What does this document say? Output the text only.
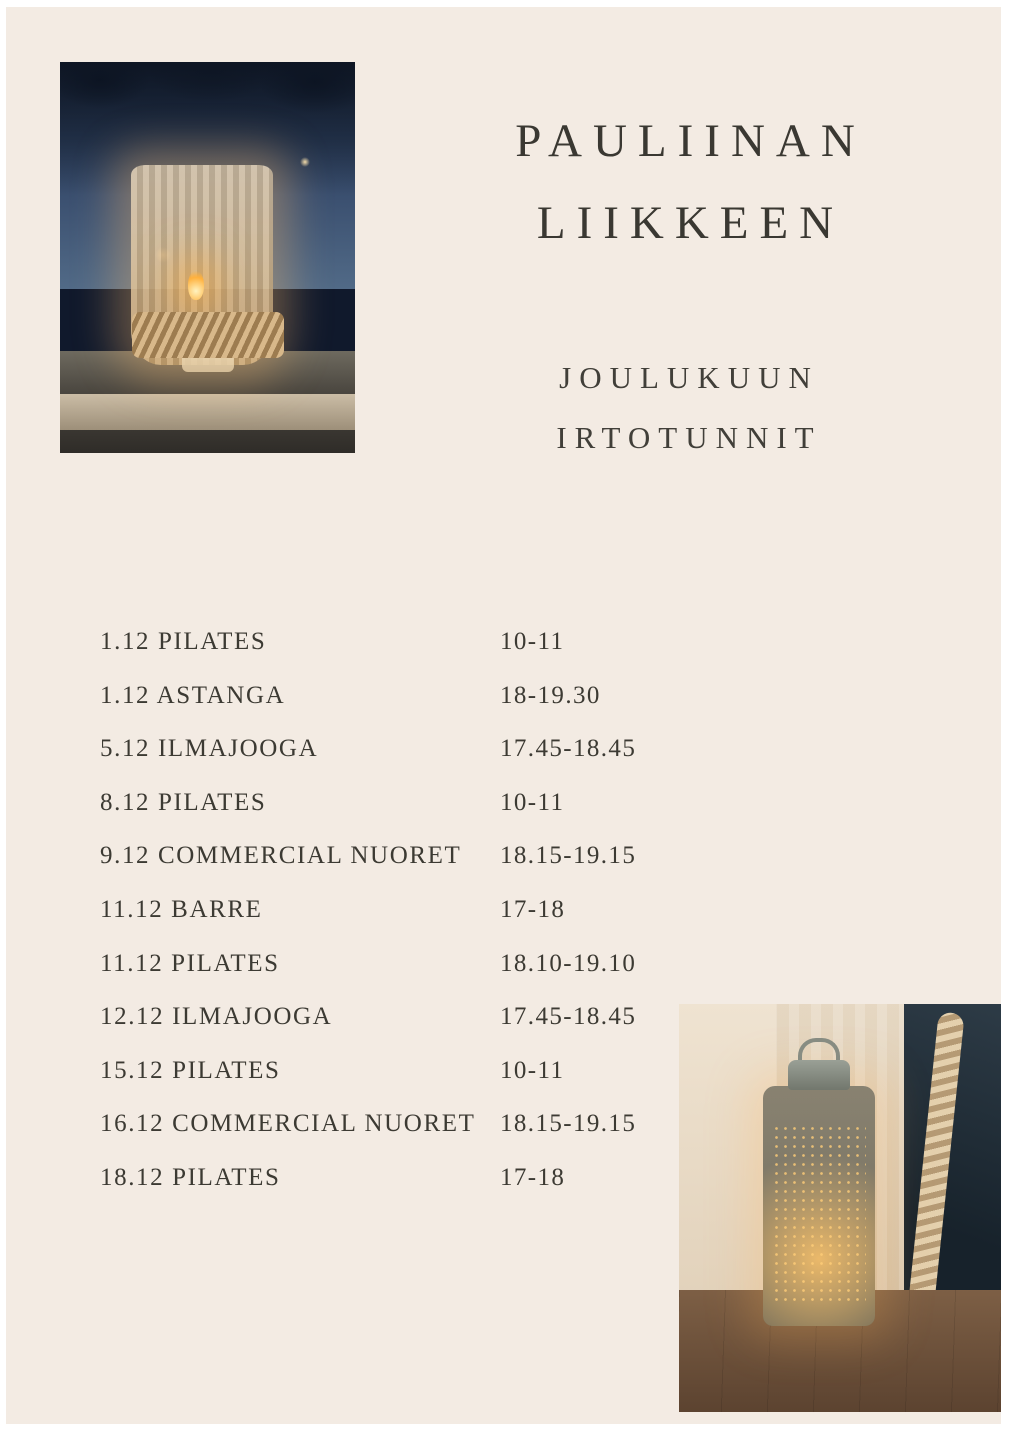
PAULIINAN
LIIKKEEN
JOULUKUUN
IRTOTUNNIT
1.12 PILATES	10-11
1.12 ASTANGA	18-19.30
5.12 ILMAJOOGA	17.45-18.45
8.12 PILATES	10-11
9.12 COMMERCIAL NUORET	18.15-19.15
11.12 BARRE	17-18
11.12 PILATES	18.10-19.10
12.12 ILMAJOOGA	17.45-18.45
15.12 PILATES	10-11
16.12 COMMERCIAL NUORET 18.15-19.15
18.12 PILATES	17-18
